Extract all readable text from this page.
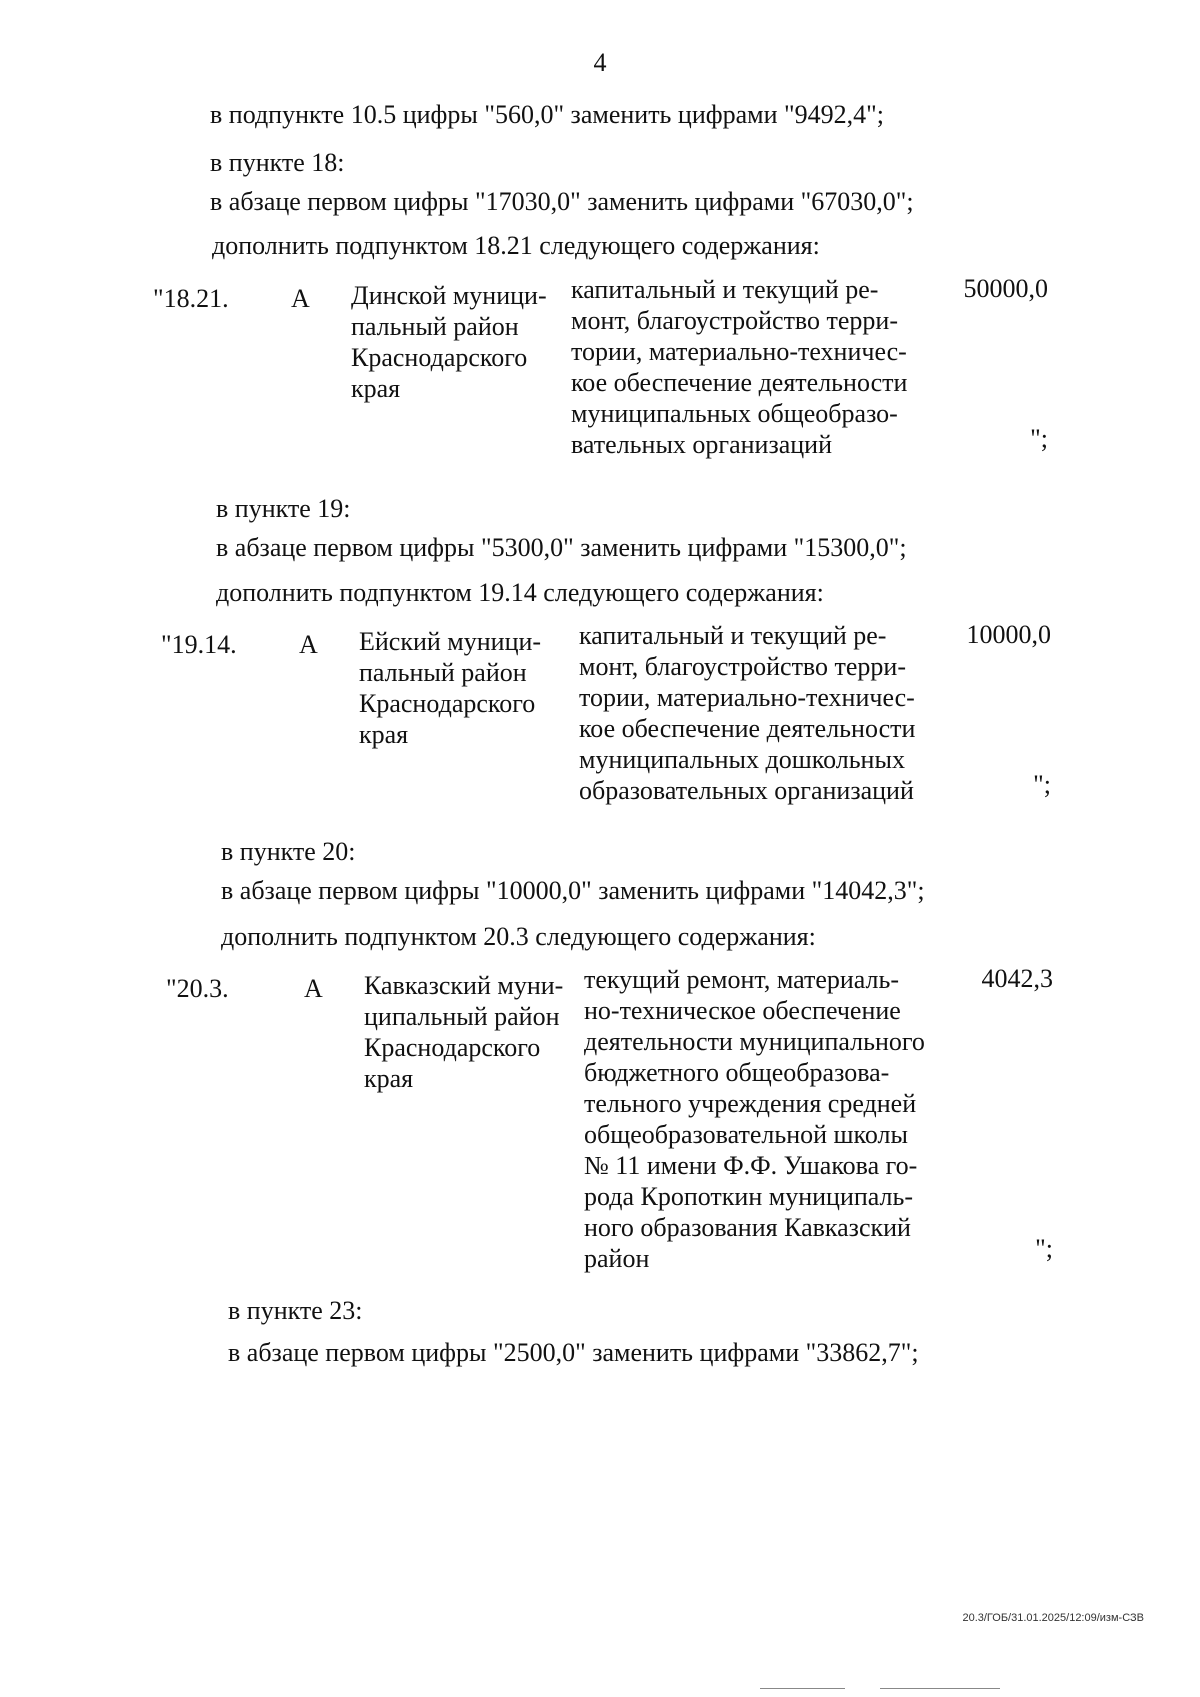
4
в подпункте 10.5 цифры "560,0" заменить цифрами "9492,4";
в пункте 18:
в абзаце первом цифры "17030,0" заменить цифрами "67030,0";
дополнить подпунктом 18.21 следующего содержания:
"18.21. А Динской муници-
пальный район
Краснодарского
края
капитальный и текущий ре-
монт, благоустройство терри-
тории, материально-техничес-
кое обеспечение деятельности
муниципальных общеобразо-
вательных организаций
50000,0
";
в пункте 19:
в абзаце первом цифры "5300,0" заменить цифрами "15300,0";
дополнить подпунктом 19.14 следующего содержания:
"19.14. А Ейский муници-
пальный район
Краснодарского
края
капитальный и текущий ре-
монт, благоустройство терри-
тории, материально-техничес-
кое обеспечение деятельности
муниципальных дошкольных
образовательных организаций
10000,0
";
в пункте 20:
в абзаце первом цифры "10000,0" заменить цифрами "14042,3";
дополнить подпунктом 20.3 следующего содержания:
"20.3.	А Кавказский муни-
ципальный район
Краснодарского
края
текущий ремонт, материаль-
но-техническое обеспечение
деятельности муниципального
бюджетного общеобразова-
тельного учреждения средней
общеобразовательной школы
№ 11 имени Ф.Ф. Ушакова го-
рода Кропоткин муниципаль-
ного образования Кавказский
район
4042,3
";
в пункте 23:
в абзаце первом цифры "2500,0" заменить цифрами "33862,7";
20.3/ГОБ/31.01.2025/12:09/изм-СЗВ
